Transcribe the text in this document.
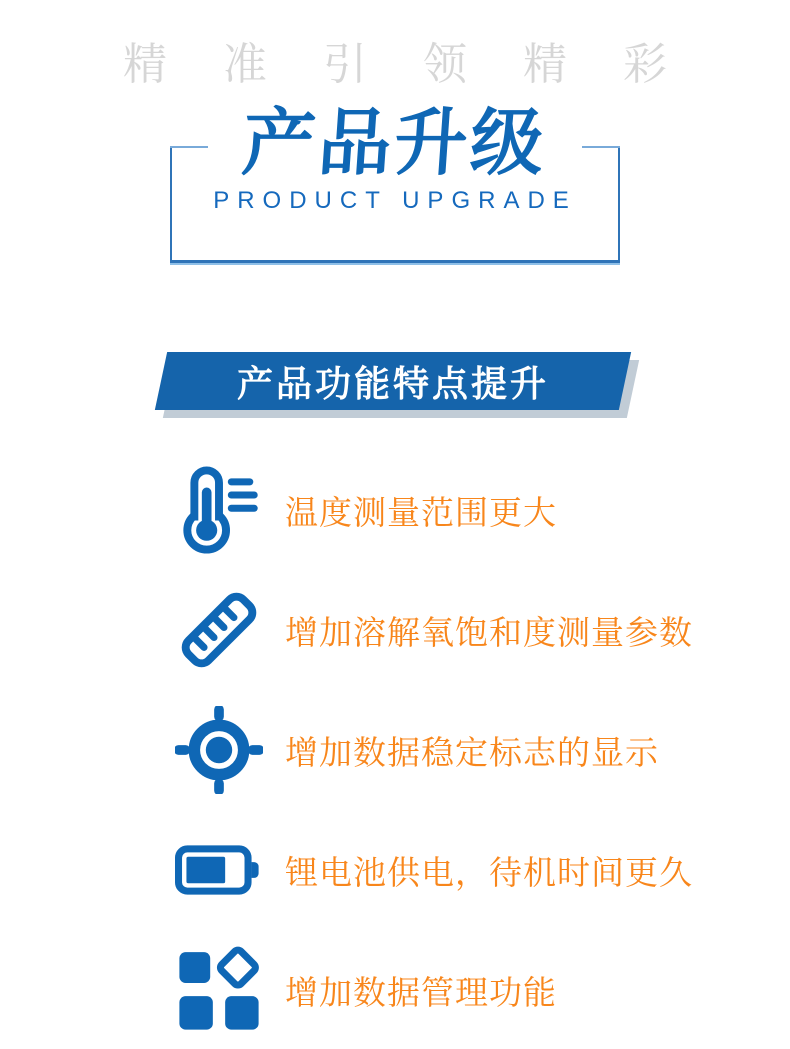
精准引领精彩
产品升级
PRODUCT UPGRADE
产品功能特点提升
温度测量范围更大
增加溶解氧饱和度测量参数
增加数据稳定标志的显示
锂电池供电，待机时间更久
增加数据管理功能
